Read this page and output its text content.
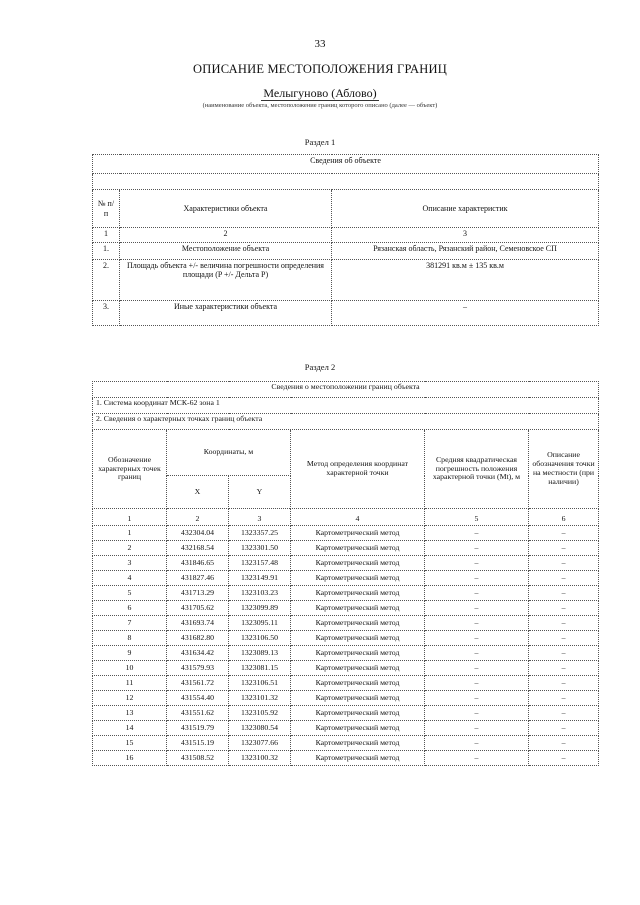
33
ОПИСАНИЕ МЕСТОПОЛОЖЕНИЯ ГРАНИЦ
Мелыгуново (Аблово)
(наименование объекта, местоположение границ которого описано (далее — объект)
Раздел 1
Сведения об объекте		

№ п/п	Характеристики объекта	Описание характеристик
1	2	3
1.	Местоположение объекта	Рязанская область, Рязанский район, Семеновское СП
2.	Площадь объекта +/- величина погрешности определения площади (P +/- Дельта P)	381291 кв.м ± 135 кв.м
3.	Иные характеристики объекта	–
Раздел 2
Сведения о местоположении границ объекта					
1. Система координат МСК-62 зона 1					
2. Сведения о характерных точках границ объекта					
Обозначение характерных точек границ	Координаты, м		Метод определения координат характерной точки	Средняя квадратическая погрешность положения характерной точки (Mt), м	Описание обозначения точки на местности (при наличии)
	X	Y			
1	2	3	4	5	6
1	432304.04	1323357.25	Картометрический метод	–	–
2	432168.54	1323301.50	Картометрический метод	–	–
3	431846.65	1323157.48	Картометрический метод	–	–
4	431827.46	1323149.91	Картометрический метод	–	–
5	431713.29	1323103.23	Картометрический метод	–	–
6	431705.62	1323099.89	Картометрический метод	–	–
7	431693.74	1323095.11	Картометрический метод	–	–
8	431682.80	1323106.50	Картометрический метод	–	–
9	431634.42	1323089.13	Картометрический метод	–	–
10	431579.93	1323081.15	Картометрический метод	–	–
11	431561.72	1323106.51	Картометрический метод	–	–
12	431554.40	1323101.32	Картометрический метод	–	–
13	431551.62	1323105.92	Картометрический метод	–	–
14	431519.79	1323080.54	Картометрический метод	–	–
15	431515.19	1323077.66	Картометрический метод	–	–
16	431508.52	1323100.32	Картометрический метод	–	–
